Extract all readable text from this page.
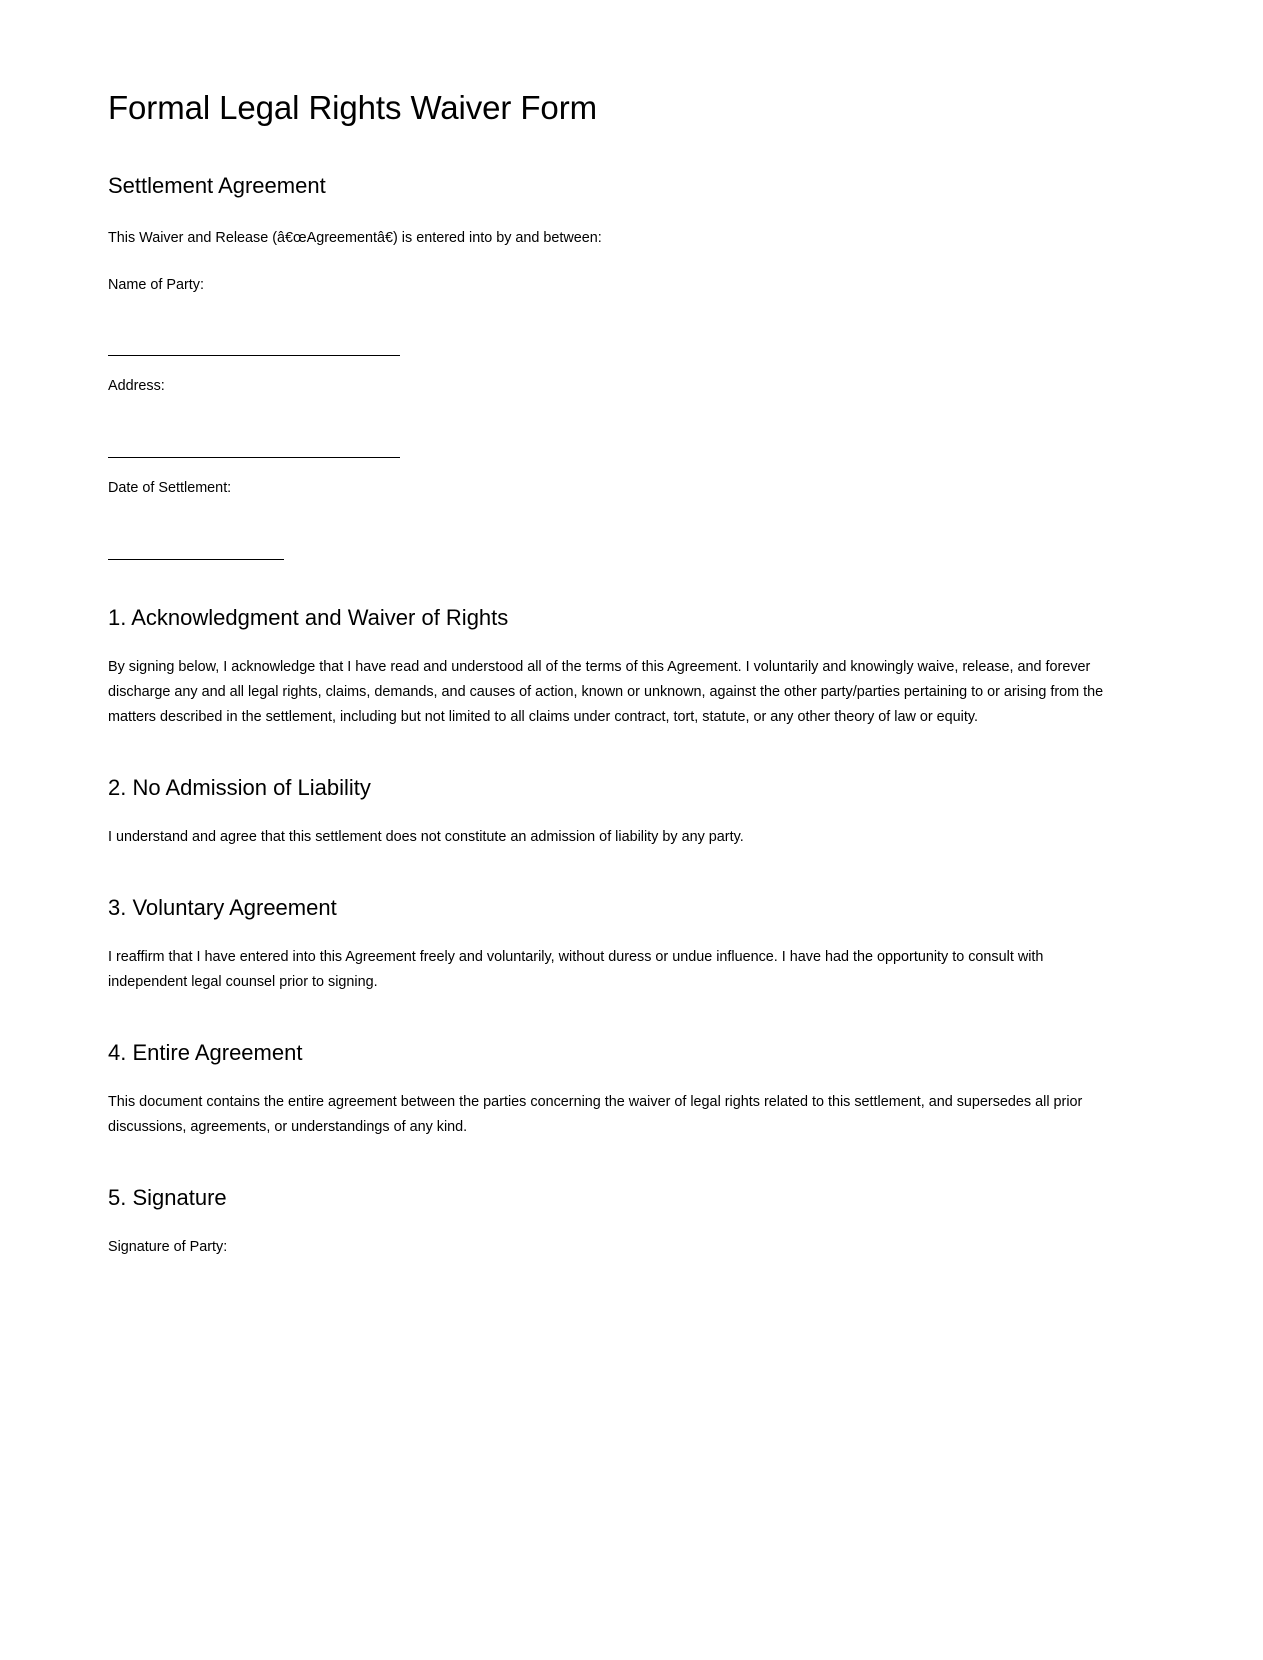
Formal Legal Rights Waiver Form
Settlement Agreement

This Waiver and Release (â€œAgreementâ€) is entered into by and between:

Name of Party:

Address:

Date of Settlement:

1. Acknowledgment and Waiver of Rights

By signing below, I acknowledge that I have read and understood all of the terms of this Agreement. I voluntarily and knowingly waive, release, and forever discharge any and all legal rights, claims, demands, and causes of action, known or unknown, against the other party/parties pertaining to or arising from the matters described in the settlement, including but not limited to all claims under contract, tort, statute, or any other theory of law or equity.

2. No Admission of Liability

I understand and agree that this settlement does not constitute an admission of liability by any party.

3. Voluntary Agreement

I reaffirm that I have entered into this Agreement freely and voluntarily, without duress or undue influence. I have had the opportunity to consult with independent legal counsel prior to signing.

4. Entire Agreement

This document contains the entire agreement between the parties concerning the waiver of legal rights related to this settlement, and supersedes all prior discussions, agreements, or understandings of any kind.

5. Signature

Signature of Party:
